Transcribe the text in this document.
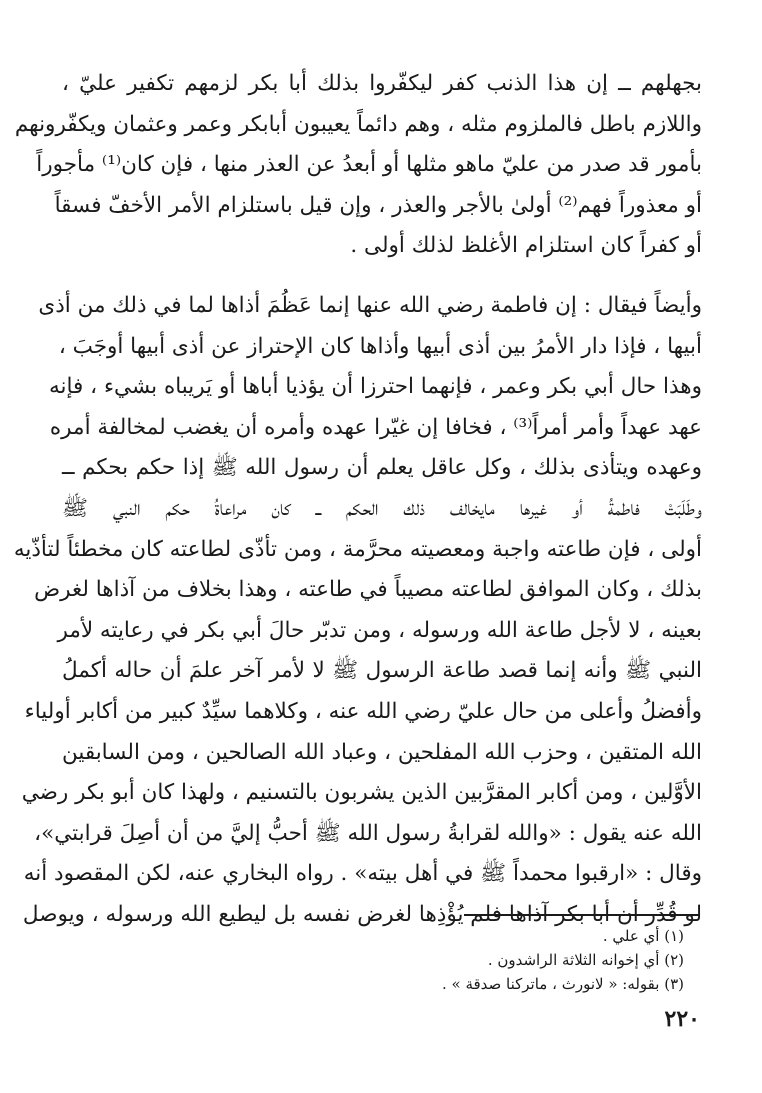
بجهلهم ــ إن هذا الذنب كفر ليكفّروا بذلك أبا بكر لزمهم تكفير عليّ ،
واللازم باطل فالملزوم مثله ، وهم دائماً يعيبون أبابكر وعمر وعثمان ويكفّرونهم
بأمور قد صدر من عليّ ماهو مثلها أو أبعدُ عن العذر منها ، فإن كان⁽¹⁾ مأجوراً
أو معذوراً فهم⁽²⁾ أولىٰ بالأجر والعذر ، وإن قيل باستلزام الأمر الأخفّ فسقاً
أو كفراً كان استلزام الأغلظ لذلك أولى .
وأيضاً فيقال : إن فاطمة رضي الله عنها إنما عَظُمَ أذاها لما في ذلك من أذى
أبيها ، فإذا دار الأمرُ بين أذى أبيها وأذاها كان الإحتراز عن أذى أبيها أوجَبَ ،
وهذا حال أبي بكر وعمر ، فإنهما احترزا أن يؤذيا أباها أو يَريباه بشيء ، فإنه
عهد عهداً وأمر أمراً⁽³⁾ ، فخافا إن غيّرا عهده وأمره أن يغضب لمخالفة أمره
وعهده ويتأذى بذلك ، وكل عاقل يعلم أن رسول الله ﷺ إذا حكم بحكم ــ
وطَلَبَتْ فاطمةُ أو غيرها مايخالف ذلك الحكم ــ كان مراعاةُ حكم النبي ﷺ
أولى ، فإن طاعته واجبة ومعصيته محرَّمة ، ومن تأذّى لطاعته كان مخطئاً لتأذّيه
بذلك ، وكان الموافق لطاعته مصيباً في طاعته ، وهذا بخلاف من آذاها لغرض
بعينه ، لا لأجل طاعة الله ورسوله ، ومن تدبّر حالَ أبي بكر في رعايته لأمر
النبي ﷺ وأنه إنما قصد طاعة الرسول ﷺ لا لأمر آخر علمَ أن حاله أكملُ
وأفضلُ وأعلى من حال عليّ رضي الله عنه ، وكلاهما سيِّدٌ كبير من أكابر أولياء
الله المتقين ، وحزب الله المفلحين ، وعباد الله الصالحين ، ومن السابقين
الأوَّلين ، ومن أكابر المقرَّبين الذين يشربون بالتسنيم ، ولهذا كان أبو بكر رضي
الله عنه يقول : «والله لقرابةُ رسول الله ﷺ أحبُّ إليَّ من أن أصِلَ قرابتي»،
وقال : «ارقبوا محمداً ﷺ في أهل بيته» . رواه البخاري عنه، لكن المقصود أنه
لو قُدِّر أن أبا بكر آذاها فلم يُؤْذِها لغرض نفسه بل ليطيع الله ورسوله ، ويوصل
(١) أي علي .
(٢) أي إخوانه الثلاثة الراشدون .
(٣) بقوله: « لانورث ، ماتركنا صدقة » .
٢٢٠
